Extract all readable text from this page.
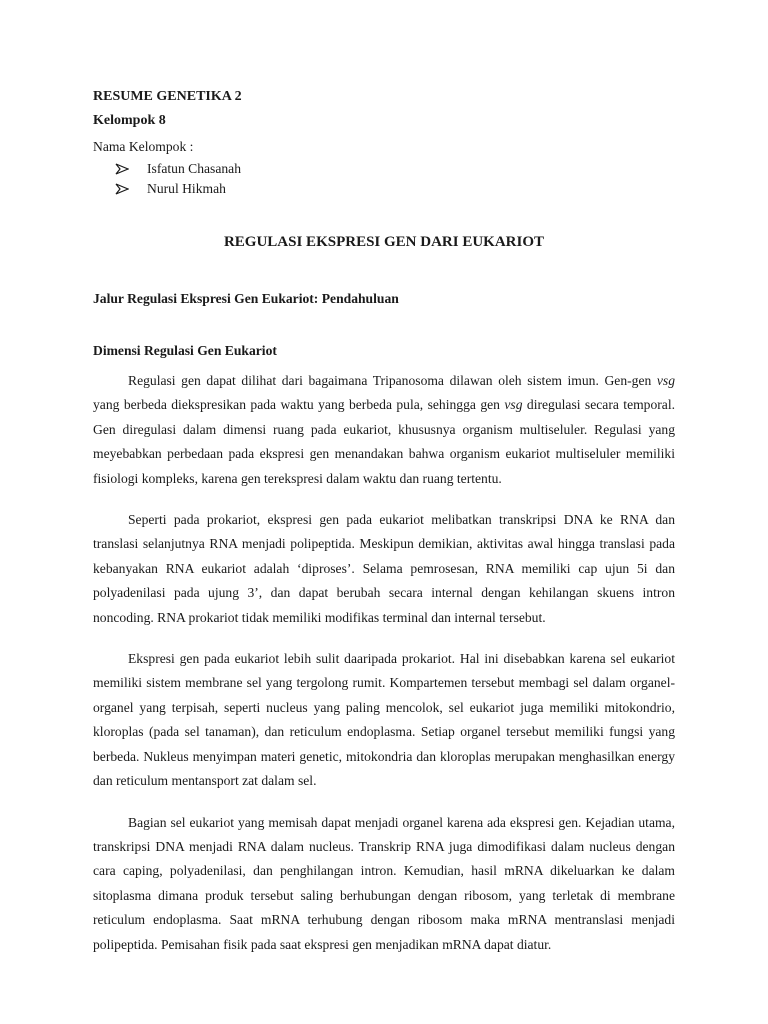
RESUME GENETIKA 2

Kelompok 8

Nama Kelompok :

Isfatun Chasanah
Nurul Hikmah

REGULASI EKSPRESI GEN DARI EUKARIOT

Jalur Regulasi Ekspresi Gen Eukariot: Pendahuluan

Dimensi Regulasi Gen Eukariot

Regulasi gen dapat dilihat dari bagaimana Tripanosoma dilawan oleh sistem imun. Gen-gen vsg yang berbeda diekspresikan pada waktu yang berbeda pula, sehingga gen vsg diregulasi secara temporal. Gen diregulasi dalam dimensi ruang pada eukariot, khususnya organism multiseluler. Regulasi yang meyebabkan perbedaan pada ekspresi gen menandakan bahwa organism eukariot multiseluler memiliki fisiologi kompleks, karena gen terekspresi dalam waktu dan ruang tertentu.

Seperti pada prokariot, ekspresi gen pada eukariot melibatkan transkripsi DNA ke RNA dan translasi selanjutnya RNA menjadi polipeptida. Meskipun demikian, aktivitas awal hingga translasi pada kebanyakan RNA eukariot adalah ‘diproses’. Selama pemrosesan, RNA memiliki cap ujun 5i dan polyadenilasi pada ujung 3’, dan dapat berubah secara internal dengan kehilangan skuens intron noncoding. RNA prokariot tidak memiliki modifikas terminal dan internal tersebut.

Ekspresi gen pada eukariot lebih sulit daaripada prokariot. Hal ini disebabkan karena sel eukariot memiliki sistem membrane sel yang tergolong rumit. Kompartemen tersebut membagi sel dalam organel-organel yang terpisah, seperti nucleus yang paling mencolok, sel eukariot juga memiliki mitokondrio, kloroplas (pada sel tanaman), dan reticulum endoplasma. Setiap organel tersebut memiliki fungsi yang berbeda. Nukleus menyimpan materi genetic, mitokondria dan kloroplas merupakan menghasilkan energy dan reticulum mentansport zat dalam sel.

Bagian sel eukariot yang memisah dapat menjadi organel karena ada ekspresi gen. Kejadian utama, transkripsi DNA menjadi RNA dalam nucleus. Transkrip RNA juga dimodifikasi dalam nucleus dengan cara caping, polyadenilasi, dan penghilangan intron. Kemudian, hasil mRNA dikeluarkan ke dalam sitoplasma dimana produk tersebut saling berhubungan dengan ribosom, yang terletak di membrane reticulum endoplasma. Saat mRNA terhubung dengan ribosom maka mRNA mentranslasi menjadi polipeptida. Pemisahan fisik pada saat ekspresi gen menjadikan mRNA dapat diatur.
